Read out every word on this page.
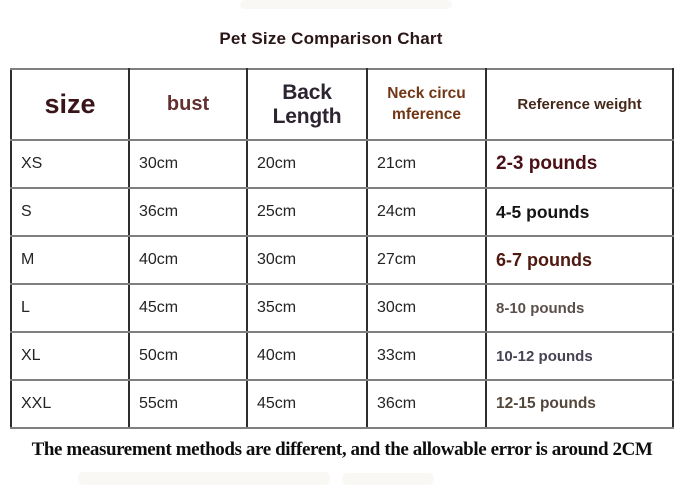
Pet Size Comparison Chart
size	bust	Back Length	Neck circu mference	Reference weight
XS	30cm	20cm	21cm	2-3 pounds
S	36cm	25cm	24cm	4-5 pounds
M	40cm	30cm	27cm	6-7 pounds
L	45cm	35cm	30cm	8-10 pounds
XL	50cm	40cm	33cm	10-12 pounds
XXL	55cm	45cm	36cm	12-15 pounds
The measurement methods are different, and the allowable error is around 2CM
